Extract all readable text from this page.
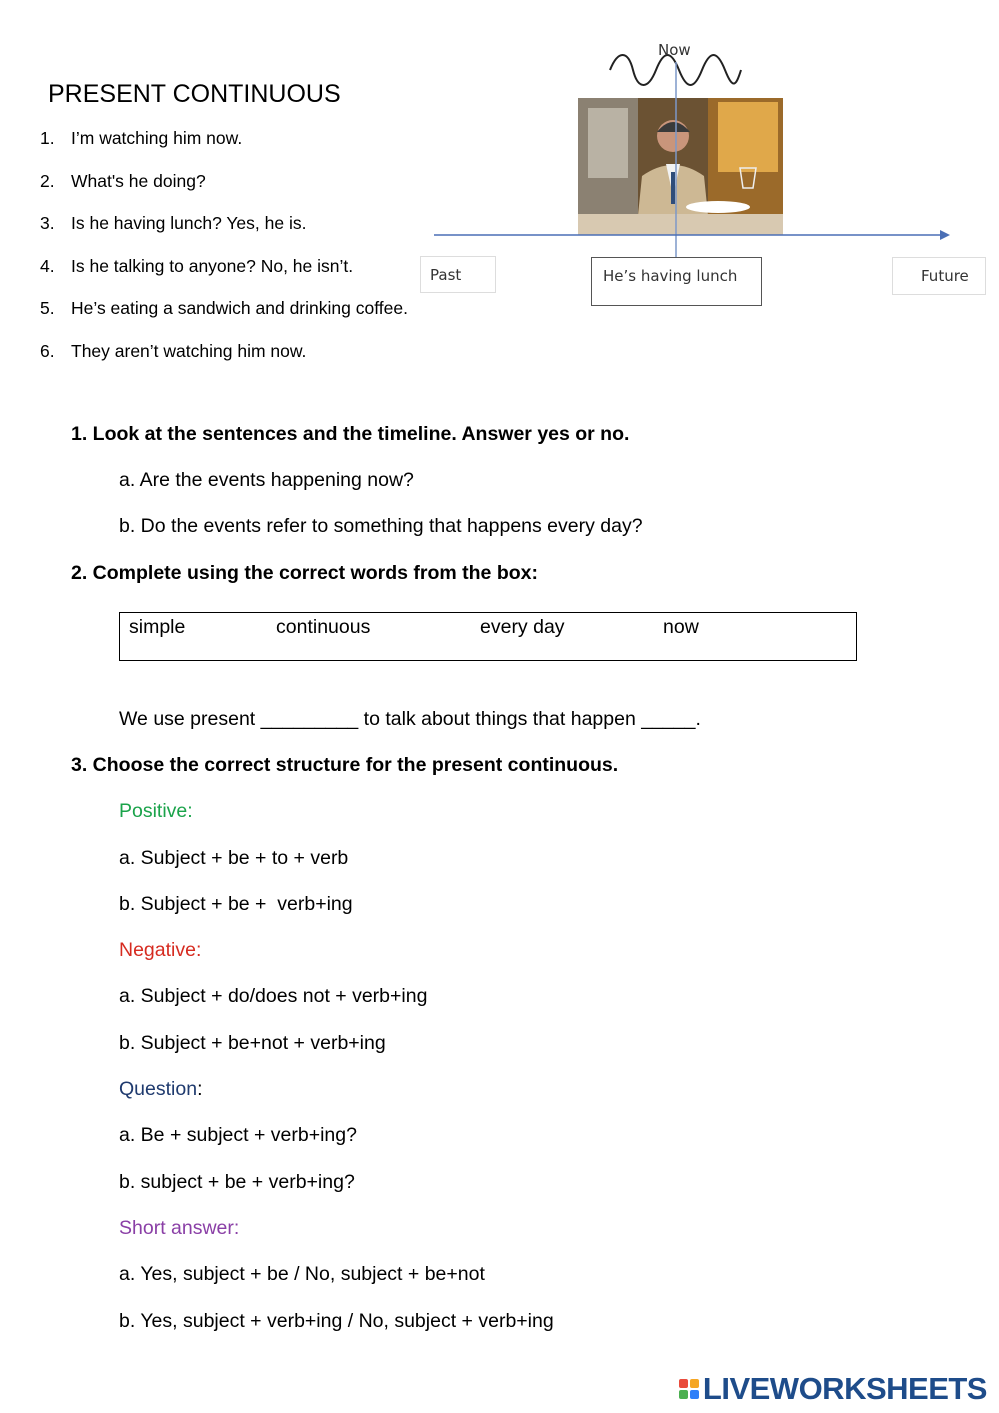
PRESENT CONTINUOUS
1. I’m watching him now.
2. What's he doing?
3. Is he having lunch? Yes, he is.
4. Is he talking to anyone? No, he isn’t.
5. He’s eating a sandwich and drinking coffee.
6. They aren’t watching him now.
Now
Past	He’s having lunch	Future
1. Look at the sentences and the timeline. Answer yes or no.
a. Are the events happening now?
b. Do the events refer to something that happens every day?
2. Complete using the correct words from the box:
simple	continuous	every day	now
We use present _________ to talk about things that happen _____.
3. Choose the correct structure for the present continuous.
Positive:
a. Subject + be + to + verb
b. Subject + be +  verb+ing
Negative:
a. Subject + do/does not + verb+ing
b. Subject + be+not + verb+ing
Question:
a. Be + subject + verb+ing?
b. subject + be + verb+ing?
Short answer:
a. Yes, subject + be / No, subject + be+not
b. Yes, subject + verb+ing / No, subject + verb+ing
LIVEWORKSHEETS
